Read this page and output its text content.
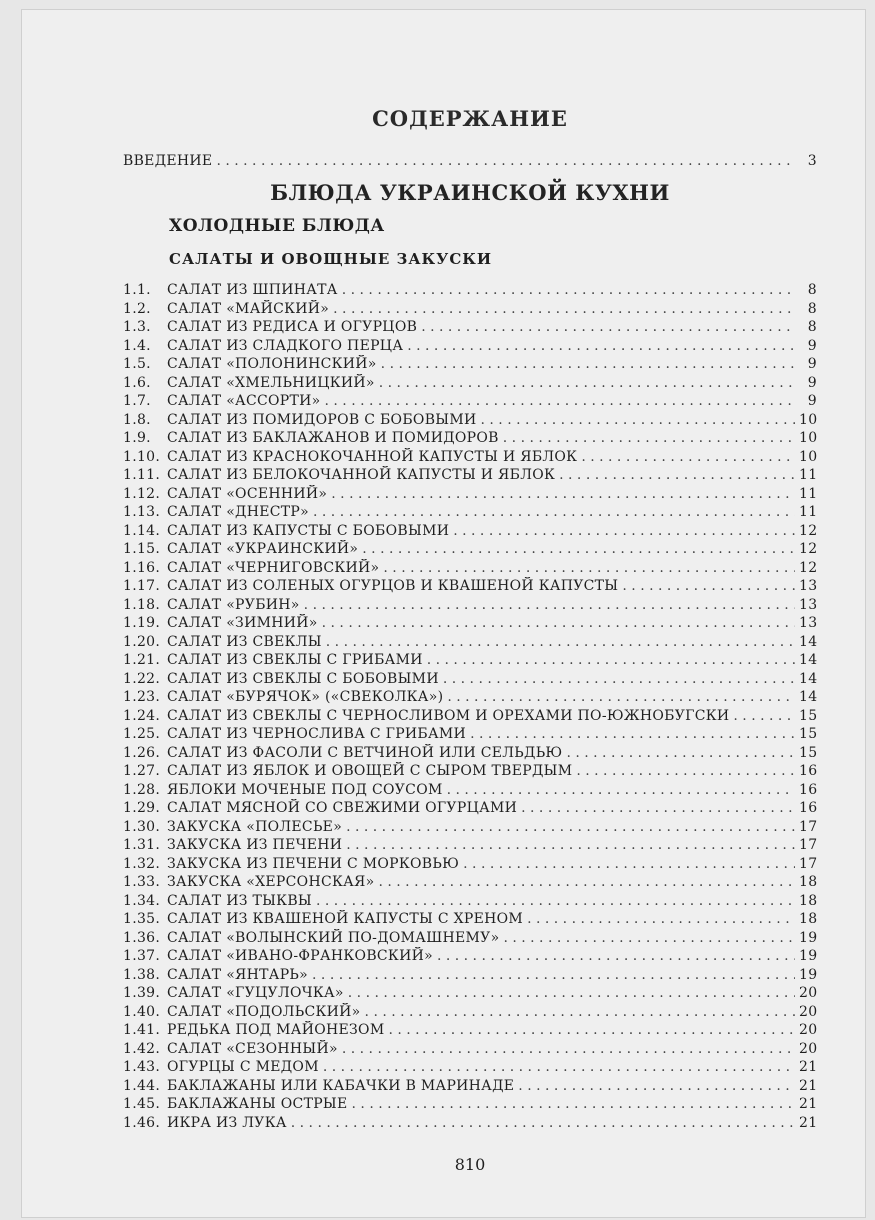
СОДЕРЖАНИЕ
ВВЕДЕНИЕ . . .	3
БЛЮДА УКРАИНСКОЙ КУХНИ
ХОЛОДНЫЕ БЛЮДА
САЛАТЫ И ОВОЩНЫЕ ЗАКУСКИ
1.1.	САЛАТ ИЗ ШПИНАТА . . .	8
1.2.	САЛАТ «МАЙСКИЙ» . . .	8
1.3.	САЛАТ ИЗ РЕДИСА И ОГУРЦОВ . . .	8
1.4.	САЛАТ ИЗ СЛАДКОГО ПЕРЦА . . .	9
1.5.	САЛАТ «ПОЛОНИНСКИЙ» . . .	9
1.6.	САЛАТ «ХМЕЛЬНИЦКИЙ» . . .	9
1.7.	САЛАТ «АССОРТИ» . . .	9
1.8.	САЛАТ ИЗ ПОМИДОРОВ С БОБОВЫМИ . . .	10
1.9.	САЛАТ ИЗ БАКЛАЖАНОВ И ПОМИДОРОВ . . .	10
1.10. САЛАТ ИЗ КРАСНОКОЧАННОЙ КАПУСТЫ И ЯБЛОК . . .	10
1.11. САЛАТ ИЗ БЕЛОКОЧАННОЙ КАПУСТЫ И ЯБЛОК . . .	11
1.12. САЛАТ «ОСЕННИЙ» . . .	11
1.13. САЛАТ «ДНЕСТР» . . .	11
1.14. САЛАТ ИЗ КАПУСТЫ С БОБОВЫМИ . . .	12
1.15. САЛАТ «УКРАИНСКИЙ» . . .	12
1.16. САЛАТ «ЧЕРНИГОВСКИЙ» . . .	12
1.17. САЛАТ ИЗ СОЛЕНЫХ ОГУРЦОВ И КВАШЕНОЙ КАПУСТЫ . . .	13
1.18. САЛАТ «РУБИН» . . .	13
1.19. САЛАТ «ЗИМНИЙ» . . .	13
1.20. САЛАТ ИЗ СВЕКЛЫ . . .	14
1.21. САЛАТ ИЗ СВЕКЛЫ С ГРИБАМИ . . .	14
1.22. САЛАТ ИЗ СВЕКЛЫ С БОБОВЫМИ . . .	14
1.23. САЛАТ «БУРЯЧОК» («СВЕКОЛКА») . . .	14
1.24. САЛАТ ИЗ СВЕКЛЫ С ЧЕРНОСЛИВОМ И ОРЕХАМИ ПО-ЮЖНОБУГСКИ . . .	15
1.25. САЛАТ ИЗ ЧЕРНОСЛИВА С ГРИБАМИ . . .	15
1.26. САЛАТ ИЗ ФАСОЛИ С ВЕТЧИНОЙ ИЛИ СЕЛЬДЬЮ . . .	15
1.27. САЛАТ ИЗ ЯБЛОК И ОВОЩЕЙ С СЫРОМ ТВЕРДЫМ . . .	16
1.28. ЯБЛОКИ МОЧЕНЫЕ ПОД СОУСОМ . . .	16
1.29. САЛАТ МЯСНОЙ СО СВЕЖИМИ ОГУРЦАМИ . . .	16
1.30. ЗАКУСКА «ПОЛЕСЬЕ» . . .	17
1.31. ЗАКУСКА ИЗ ПЕЧЕНИ . . .	17
1.32. ЗАКУСКА ИЗ ПЕЧЕНИ С МОРКОВЬЮ . . .	17
1.33. ЗАКУСКА «ХЕРСОНСКАЯ» . . .	18
1.34. САЛАТ ИЗ ТЫКВЫ . . .	18
1.35. САЛАТ ИЗ КВАШЕНОЙ КАПУСТЫ С ХРЕНОМ . . .	18
1.36. САЛАТ «ВОЛЫНСКИЙ ПО-ДОМАШНЕМУ» . . .	19
1.37. САЛАТ «ИВАНО-ФРАНКОВСКИЙ» . . .	19
1.38. САЛАТ «ЯНТАРЬ» . . .	19
1.39. САЛАТ «ГУЦУЛОЧКА» . . .	20
1.40. САЛАТ «ПОДОЛЬСКИЙ» . . .	20
1.41. РЕДЬКА ПОД МАЙОНЕЗОМ . . .	20
1.42. САЛАТ «СЕЗОННЫЙ» . . .	20
1.43. ОГУРЦЫ С МЕДОМ . . .	21
1.44. БАКЛАЖАНЫ ИЛИ КАБАЧКИ В МАРИНАДЕ . . .	21
1.45. БАКЛАЖАНЫ ОСТРЫЕ . . .	21
1.46. ИКРА ИЗ ЛУКА . . .	21
810
